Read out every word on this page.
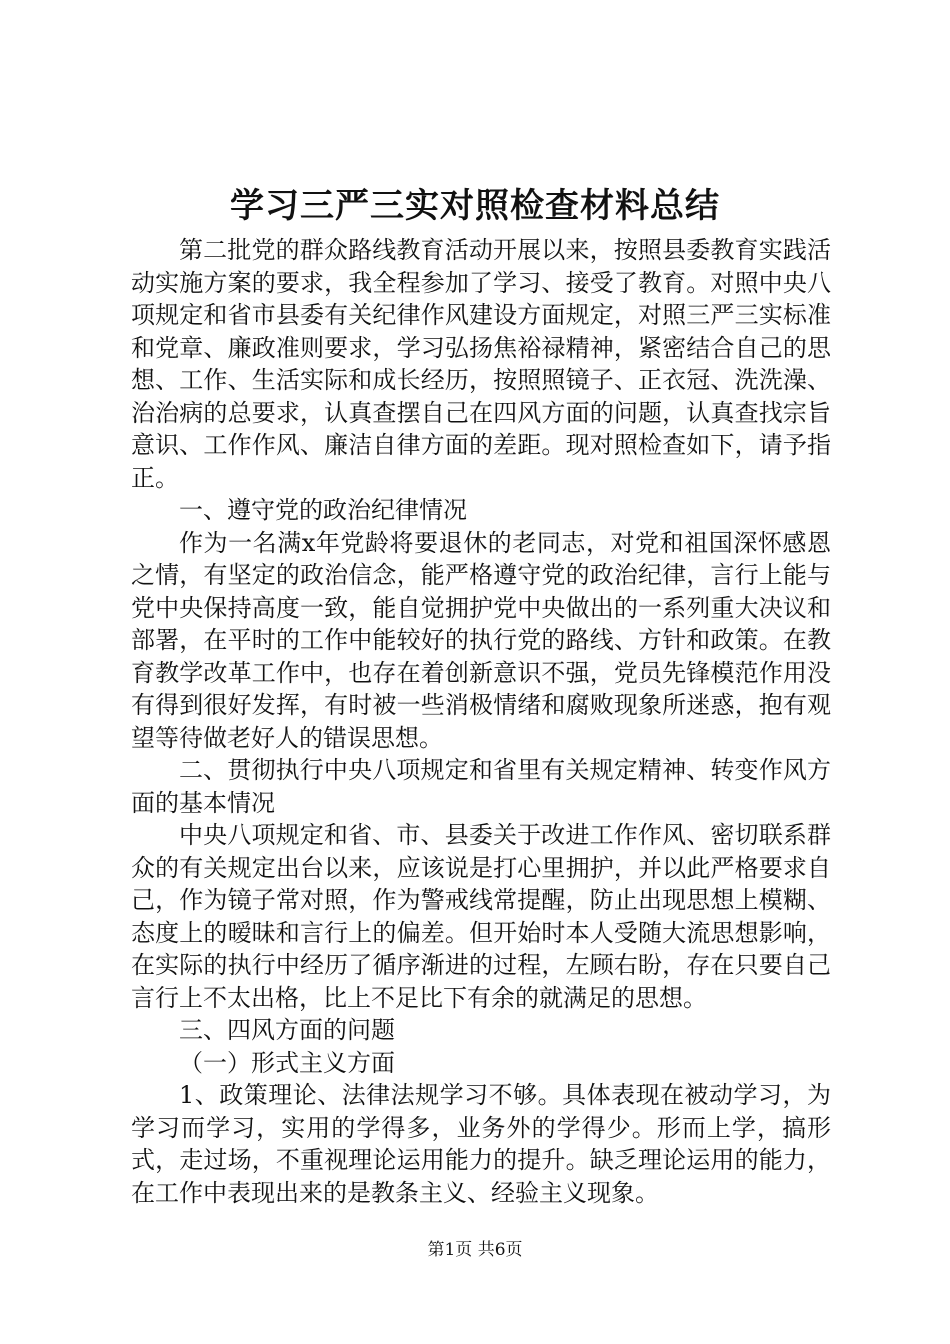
学习三严三实对照检查材料总结

第二批党的群众路线教育活动开展以来，按照县委教育实践活动实施方案的要求，我全程参加了学习、接受了教育。对照中央八项规定和省市县委有关纪律作风建设方面规定，对照三严三实标准和党章、廉政准则要求，学习弘扬焦裕禄精神，紧密结合自己的思想、工作、生活实际和成长经历，按照照镜子、正衣冠、洗洗澡、治治病的总要求，认真查摆自己在四风方面的问题，认真查找宗旨意识、工作作风、廉洁自律方面的差距。现对照检查如下，请予指正。

一、遵守党的政治纪律情况

作为一名满x年党龄将要退休的老同志，对党和祖国深怀感恩之情，有坚定的政治信念，能严格遵守党的政治纪律，言行上能与党中央保持高度一致，能自觉拥护党中央做出的一系列重大决议和部署，在平时的工作中能较好的执行党的路线、方针和政策。在教育教学改革工作中，也存在着创新意识不强，党员先锋模范作用没有得到很好发挥，有时被一些消极情绪和腐败现象所迷惑，抱有观望等待做老好人的错误思想。

二、贯彻执行中央八项规定和省里有关规定精神、转变作风方面的基本情况

中央八项规定和省、市、县委关于改进工作作风、密切联系群众的有关规定出台以来，应该说是打心里拥护，并以此严格要求自己，作为镜子常对照，作为警戒线常提醒，防止出现思想上模糊、态度上的暧昧和言行上的偏差。但开始时本人受随大流思想影响，在实际的执行中经历了循序渐进的过程，左顾右盼，存在只要自己言行上不太出格，比上不足比下有余的就满足的思想。

三、四风方面的问题

（一）形式主义方面

1、政策理论、法律法规学习不够。具体表现在被动学习，为学习而学习，实用的学得多，业务外的学得少。形而上学，搞形式，走过场，不重视理论运用能力的提升。缺乏理论运用的能力，在工作中表现出来的是教条主义、经验主义现象。

第1页 共6页
